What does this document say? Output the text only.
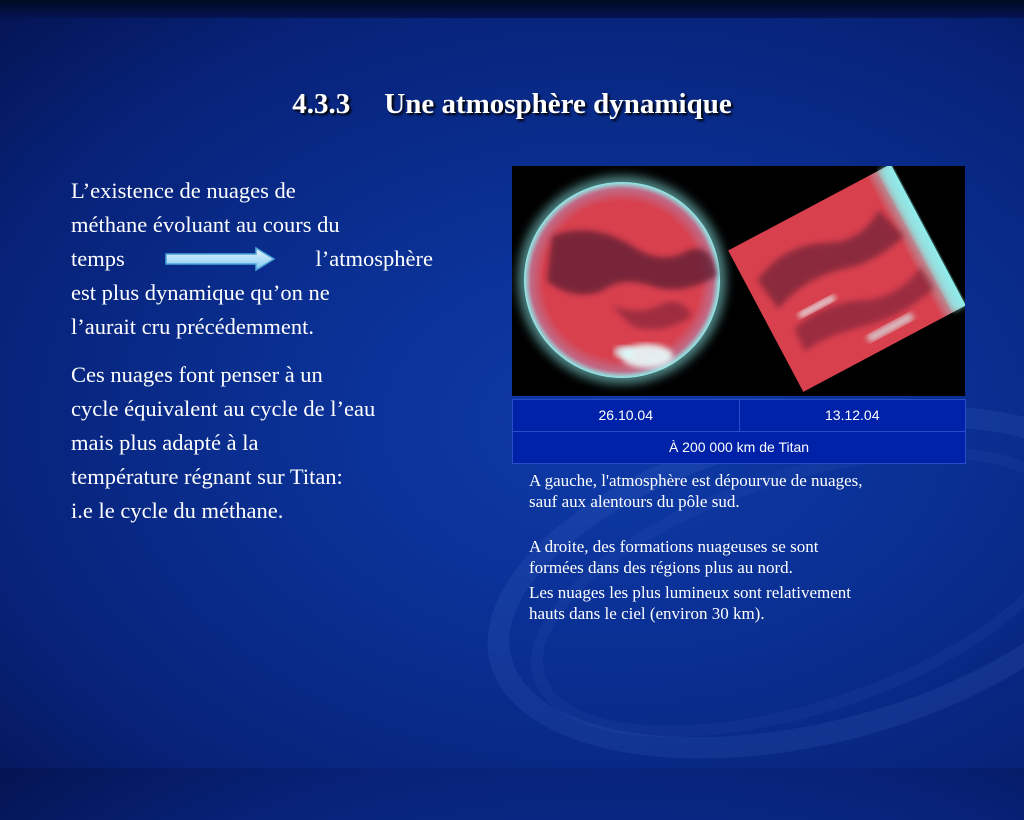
4.3.3 Une atmosphère dynamique

L’existence de nuages de
méthane évoluant au cours du

temps	l’atmosphère
est plus dynamique qu’on ne
l’aurait cru précédemment.

Ces nuages font penser à un
cycle équivalent au cycle de l’eau
mais plus adapté à la
température régnant sur Titan:
i.e le cycle du méthane.

26.10.04	13.12.04
À 200 000 km de Titan

A gauche, l'atmosphère est dépourvue de nuages,
sauf aux alentours du pôle sud.

A droite, des formations nuageuses se sont
formées dans des régions plus au nord.

Les nuages les plus lumineux sont relativement
hauts dans le ciel (environ 30 km).
